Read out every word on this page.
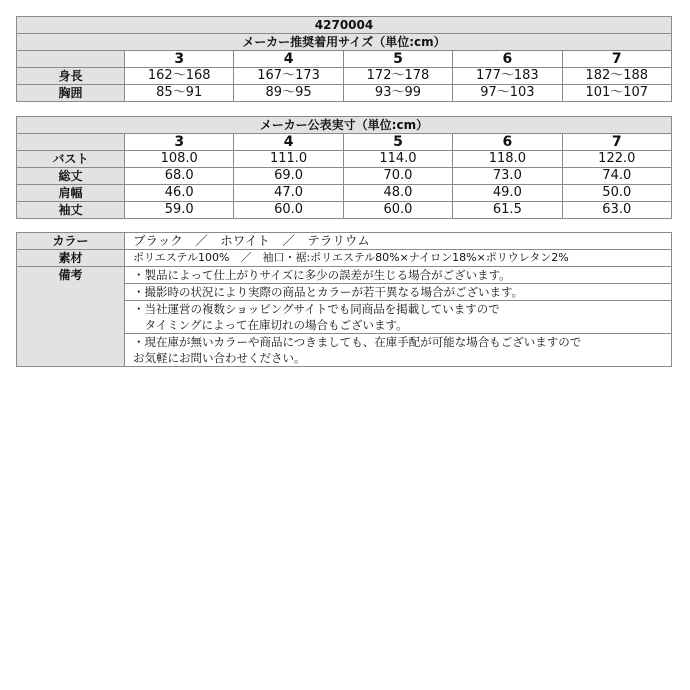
4270004					
メーカー推奨着用サイズ（単位:cm）					
	3	4	5	6	7
身長	162～168	167～173	172～178	177～183	182～188
胸囲	85～91	89～95	93～99	97～103	101～107
メーカー公表実寸（単位:cm）					
	3	4	5	6	7
バスト	108.0	111.0	114.0	118.0	122.0
総丈	68.0	69.0	70.0	73.0	74.0
肩幅	46.0	47.0	48.0	49.0	50.0
袖丈	59.0	60.0	60.0	61.5	63.0
カラー	ブラック　／　ホワイト　／　テラリウム
素材	ポリエステル100%　／　袖口・裾:ポリエステル80%×ナイロン18%×ポリウレタン2%
備考	・製品によって仕上がりサイズに多少の誤差が生じる場合がございます。
	・撮影時の状況により実際の商品とカラーが若干異なる場合がございます。

	・当社運営の複数ショッピングサイトでも同商品を掲載していますので
　タイミングによって在庫切れの場合もございます。

	・現在庫が無いカラーや商品につきましても、在庫手配が可能な場合もございますので
お気軽にお問い合わせください。
